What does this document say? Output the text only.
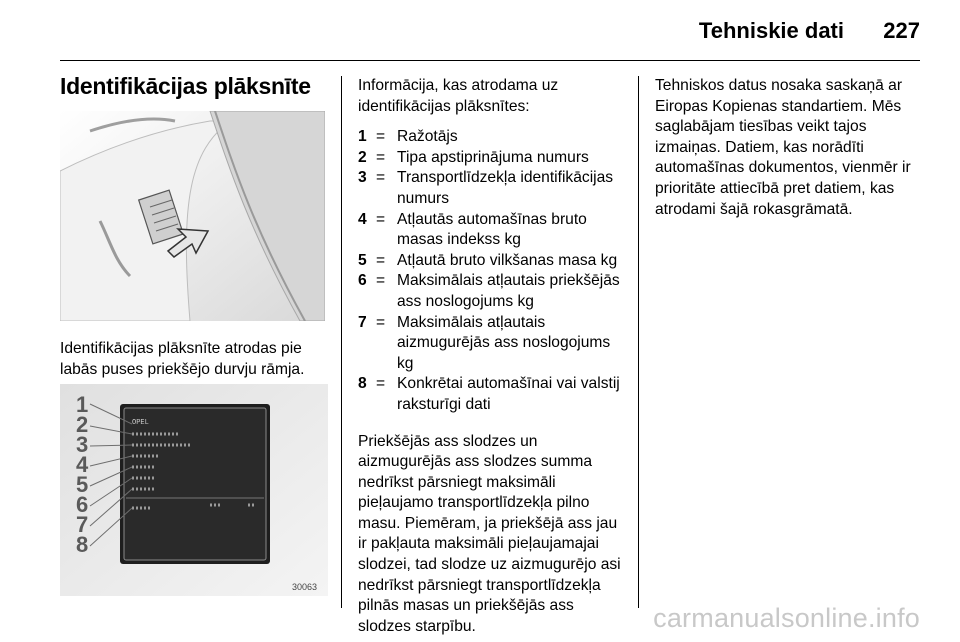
Tehniskie dati 227
Identifikācijas plāksnīte

Identifikācijas plāksnīte atrodas pie labās puses priekšējo durvju rāmja.

OPEL
1
2
3
4
5
6
7
8
30063
Informācija, kas atrodama uz identifikācijas plāksnītes:
1 = Ražotājs
2 = Tipa apstiprinājuma numurs
3 = Transportlīdzekļa identifikācijas numurs
4 = Atļautās automašīnas bruto masas indekss kg
5 = Atļautā bruto vilkšanas masa kg
6 = Maksimālais atļautais priekšējās ass noslogojums kg
7 = Maksimālais atļautais aizmugurējās ass noslogojums kg
8 = Konkrētai automašīnai vai valstij raksturīgi dati

Priekšējās ass slodzes un aizmugurējās ass slodzes summa nedrīkst pārsniegt maksimāli pieļaujamo transportlīdzekļa pilno masu. Piemēram, ja priekšējā ass jau ir pakļauta maksimāli pieļaujamajai slodzei, tad slodze uz aizmugurējo asi nedrīkst pārsniegt transportlīdzekļa pilnās masas un priekšējās ass slodzes starpību.

Tehniskos datus nosaka saskaņā ar Eiropas Kopienas standartiem. Mēs saglabājam tiesības veikt tajos izmaiņas. Datiem, kas norādīti automašīnas dokumentos, vienmēr ir prioritāte attiecībā pret datiem, kas atrodami šajā rokasgrāmatā.

carmanualsonline.info
